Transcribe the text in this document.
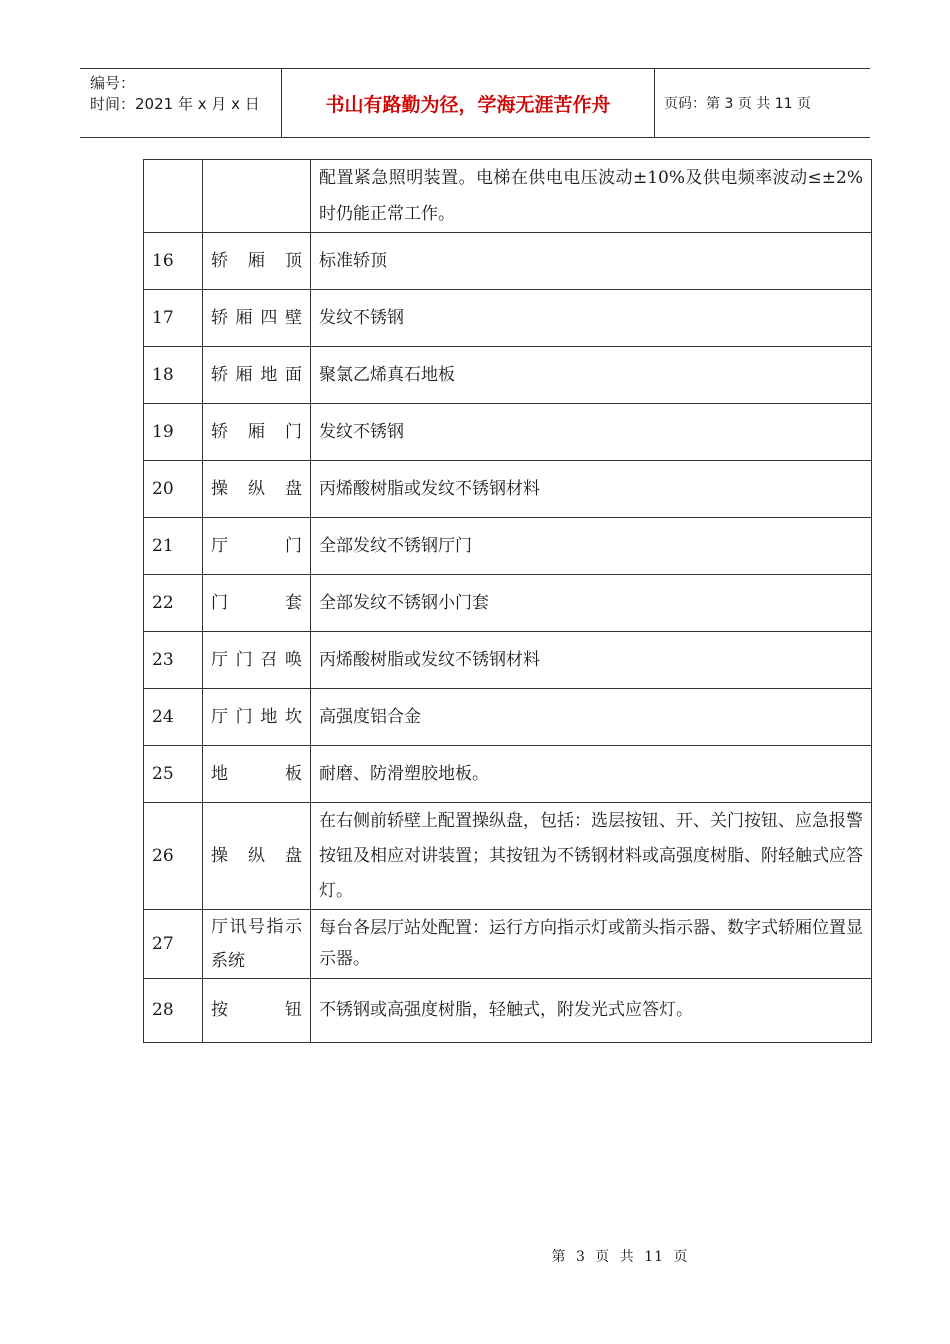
编号：
时间：2021 年 x 月 x 日	书山有路勤为径，学海无涯苦作舟	页码：第 3 页 共 11 页
		配置紧急照明装置。电梯在供电电压波动±10%及供电频率波动≤±2%时仍能正常工作。
16	轿厢顶	标准轿顶
17	轿厢四壁	发纹不锈钢
18	轿厢地面	聚氯乙烯真石地板
19	轿厢门	发纹不锈钢
20	操纵盘	丙烯酸树脂或发纹不锈钢材料
21	厅门	全部发纹不锈钢厅门
22	门套	全部发纹不锈钢小门套
23	厅门召唤	丙烯酸树脂或发纹不锈钢材料
24	厅门地坎	高强度铝合金
25	地板	耐磨、防滑塑胶地板。
26	操纵盘	在右侧前轿壁上配置操纵盘，包括：选层按钮、开、关门按钮、应急报警按钮及相应对讲装置；其按钮为不锈钢材料或高强度树脂、附轻触式应答灯。
27	厅讯号指示系统	每台各层厅站处配置：运行方向指示灯或箭头指示器、数字式轿厢位置显示器。
28	按钮	不锈钢或高强度树脂，轻触式，附发光式应答灯。
第 3 页 共 11 页
